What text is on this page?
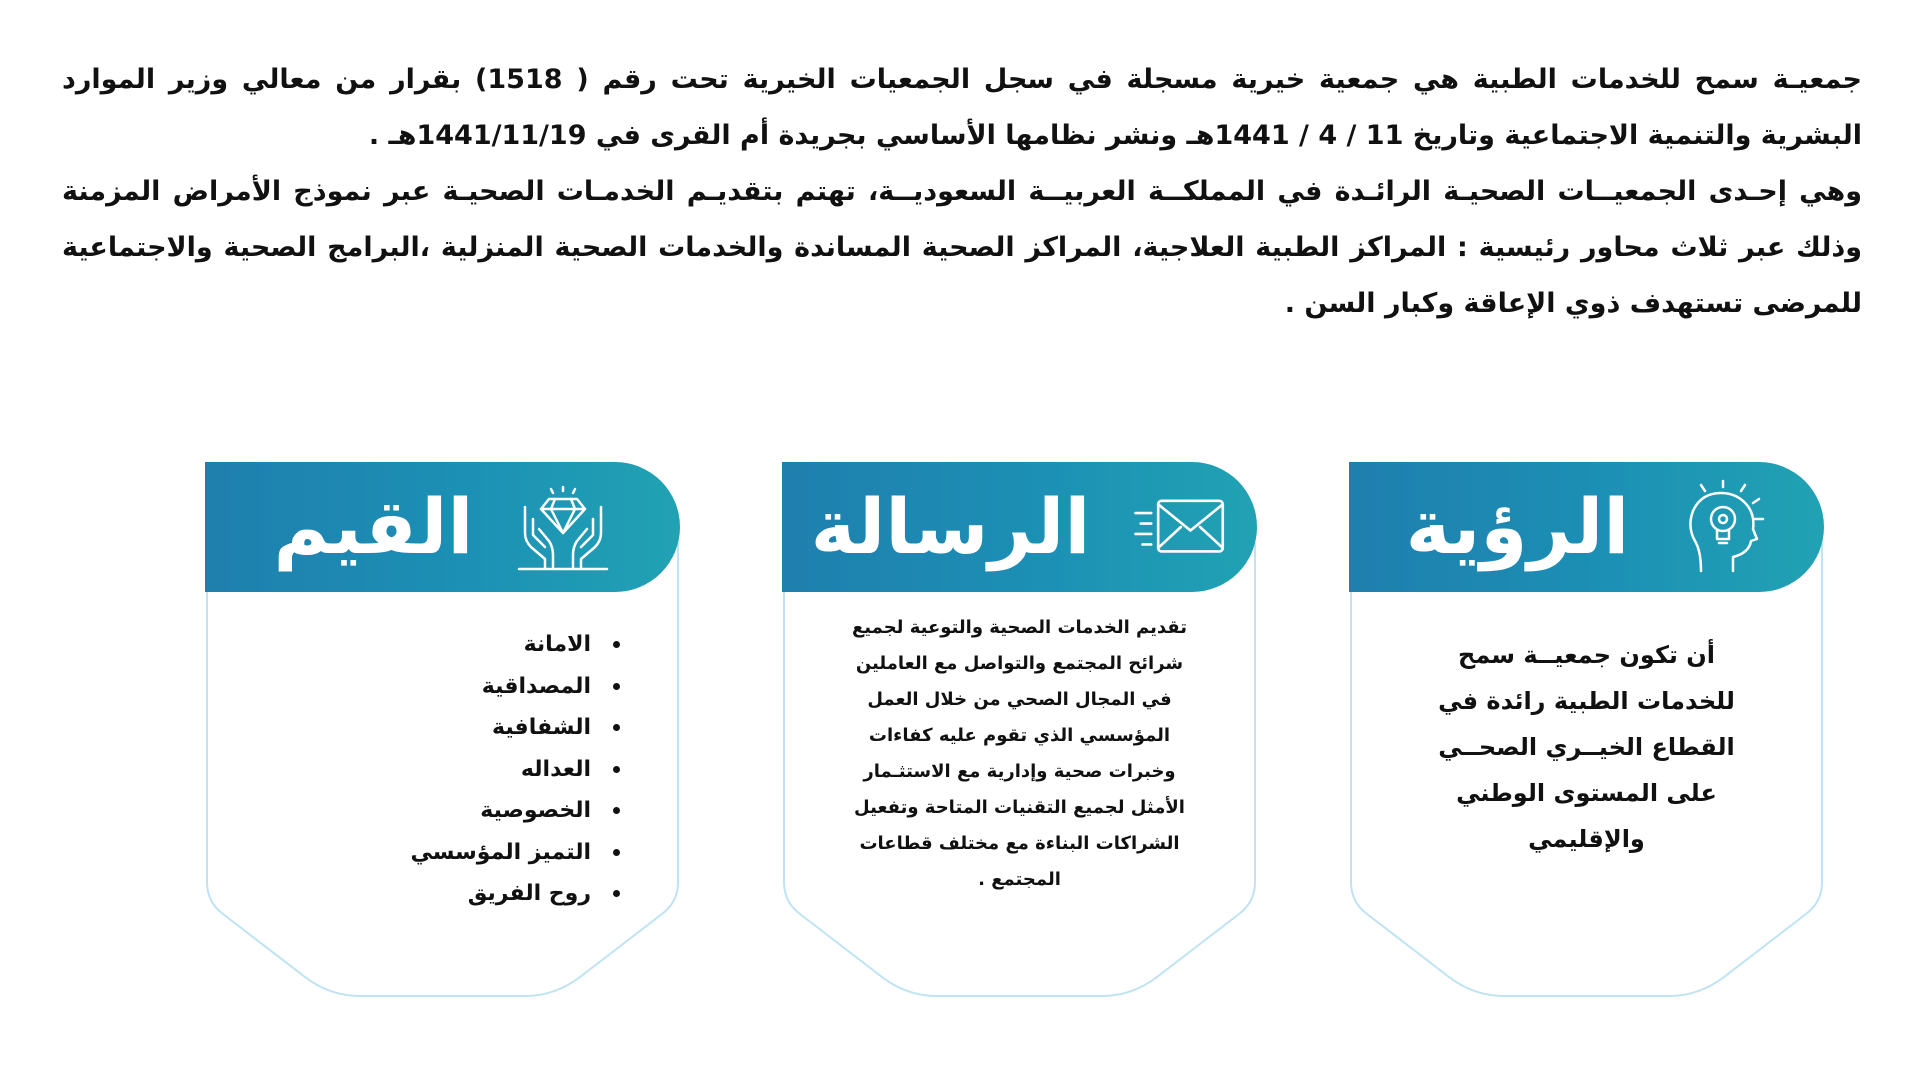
جمعيـة سمح للخدمات الطبية هي جمعية خيرية مسجلة في سجل الجمعيات الخيرية تحت رقم ( 1518) بقرار من معالي وزير الموارد البشرية والتنمية الاجتماعية وتاريخ 11 / 4 / 1441هـ ونشر نظامها الأساسي بجريدة أم القرى في 1441/11/19هـ .

وهي إحـدى الجمعيــات الصحيـة الرائـدة في المملكــة العربيــة السعوديــة، تهتم بتقديـم الخدمـات الصحيـة عبر نموذج الأمراض المزمنة وذلك عبر ثلاث محاور رئيسية : المراكز الطبية العلاجية، المراكز الصحية المساندة والخدمات الصحية المنزلية ،البرامج الصحية والاجتماعية للمرضى تستهدف ذوي الإعاقة وكبار السن .

القيم
الامانة
المصداقية
الشفافية
العداله
الخصوصية
التميز المؤسسي
روح الفريق
الرسالة
تقديم الخدمات الصحية والتوعية لجميع شرائح المجتمع والتواصل مع العاملين في المجال الصحي من خلال العمل المؤسسي الذي تقوم عليه كفاءات وخبرات صحية وإدارية مع الاستثـمار الأمثل لجميع التقنيات المتاحة وتفعيل الشراكات البناءة مع مختلف قطاعات المجتمع .
الرؤية
أن تكون جمعيــة سمح للخدمات الطبية رائدة في القطاع الخيــري الصحــي على المستوى الوطني والإقليمي
